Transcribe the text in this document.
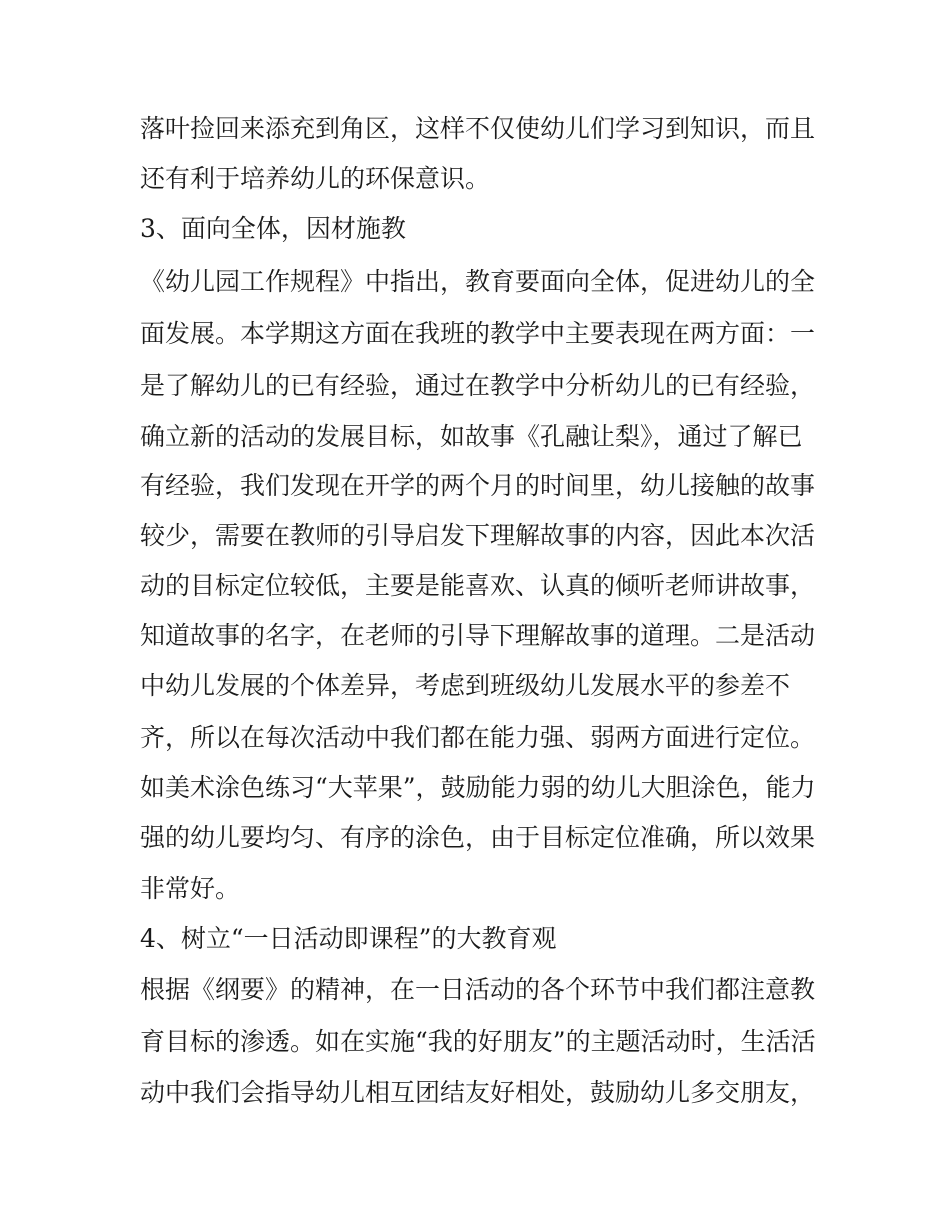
落叶捡回来添充到角区，这样不仅使幼儿们学习到知识，而且
还有利于培养幼儿的环保意识。
3、面向全体，因材施教
《幼儿园工作规程》中指出，教育要面向全体，促进幼儿的全
面发展。本学期这方面在我班的教学中主要表现在两方面：一
是了解幼儿的已有经验，通过在教学中分析幼儿的已有经验，
确立新的活动的发展目标，如故事《孔融让梨》，通过了解已
有经验，我们发现在开学的两个月的时间里，幼儿接触的故事
较少，需要在教师的引导启发下理解故事的内容，因此本次活
动的目标定位较低，主要是能喜欢、认真的倾听老师讲故事，
知道故事的名字，在老师的引导下理解故事的道理。二是活动
中幼儿发展的个体差异，考虑到班级幼儿发展水平的参差不
齐，所以在每次活动中我们都在能力强、弱两方面进行定位。
如美术涂色练习“大苹果”，鼓励能力弱的幼儿大胆涂色，能力
强的幼儿要均匀、有序的涂色，由于目标定位准确，所以效果
非常好。
4、树立“一日活动即课程”的大教育观
根据《纲要》的精神，在一日活动的各个环节中我们都注意教
育目标的渗透。如在实施“我的好朋友”的主题活动时，生活活
动中我们会指导幼儿相互团结友好相处，鼓励幼儿多交朋友，
